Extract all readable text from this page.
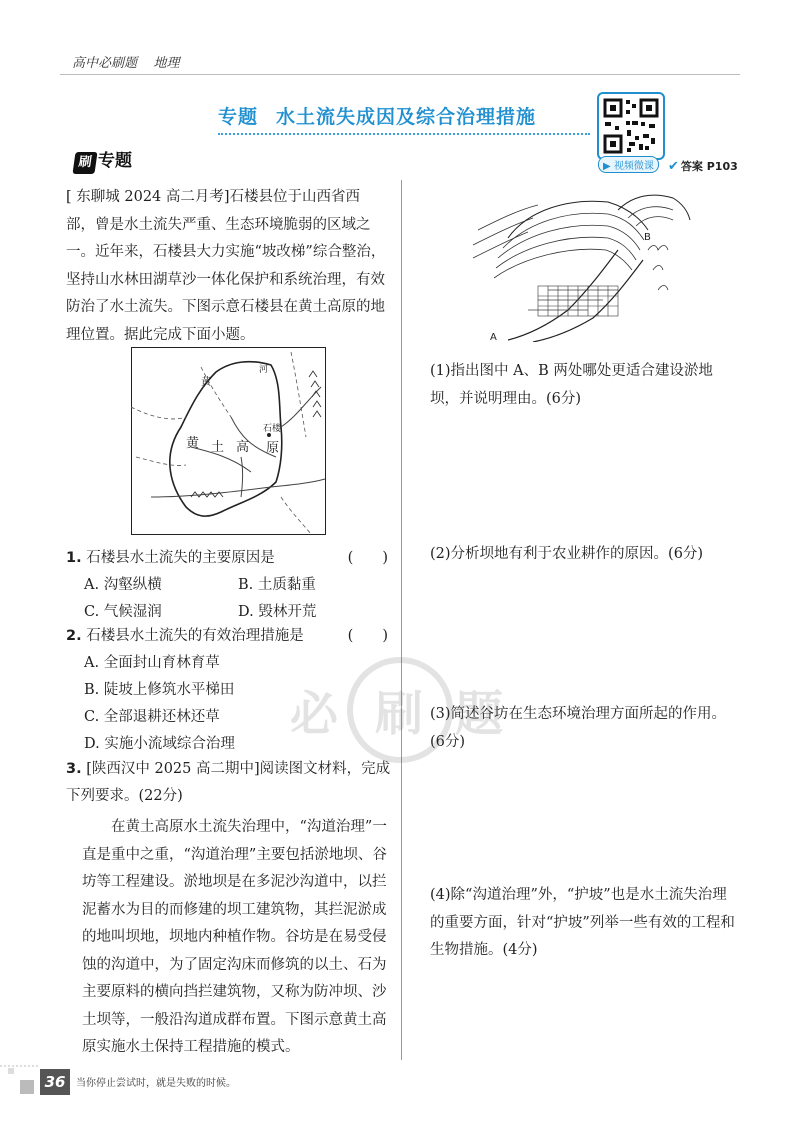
高中必刷题 地理
专题 水土流失成因及综合治理措施
▶ 视频微课	✔ 答案 P103
刷 专题
[ 东聊城 2024 高二月考]石楼县位于山西省西部，曾是水土流失严重、生态环境脆弱的区域之一。近年来，石楼县大力实施“坡改梯”综合整治，坚持山水林田湖草沙一体化保护和系统治理，有效防治了水土流失。下图示意石楼县在黄土高原的地理位置。据此完成下面小题。
黄
河
黄 土 高 原
石楼
1. 石楼县水土流失的主要原因是	(　　)
A. 沟壑纵横	B. 土质黏重
C. 气候湿润	D. 毁林开荒
2. 石楼县水土流失的有效治理措施是	(　　)
A. 全面封山育林育草
B. 陡坡上修筑水平梯田
C. 全部退耕还林还草
D. 实施小流域综合治理
3. [陕西汉中 2025 高二期中]阅读图文材料，完成下列要求。(22分)
在黄土高原水土流失治理中，“沟道治理”一直是重中之重，“沟道治理”主要包括淤地坝、谷坊等工程建设。淤地坝是在多泥沙沟道中，以拦泥蓄水为目的而修建的坝工建筑物，其拦泥淤成的地叫坝地，坝地内种植作物。谷坊是在易受侵蚀的沟道中，为了固定沟床而修筑的以土、石为主要原料的横向挡拦建筑物，又称为防冲坝、沙土坝等，一般沿沟道成群布置。下图示意黄土高原实施水土保持工程措施的模式。
B
A
(1)指出图中 A、B 两处哪处更适合建设淤地坝，并说明理由。(6分)
(2)分析坝地有利于农业耕作的原因。(6分)
(3)简述谷坊在生态环境治理方面所起的作用。(6分)
(4)除“沟道治理”外，“护坡”也是水土流失治理的重要方面，针对“护坡”列举一些有效的工程和生物措施。(4分)
必 刷 题
36	当你停止尝试时，就是失败的时候。
